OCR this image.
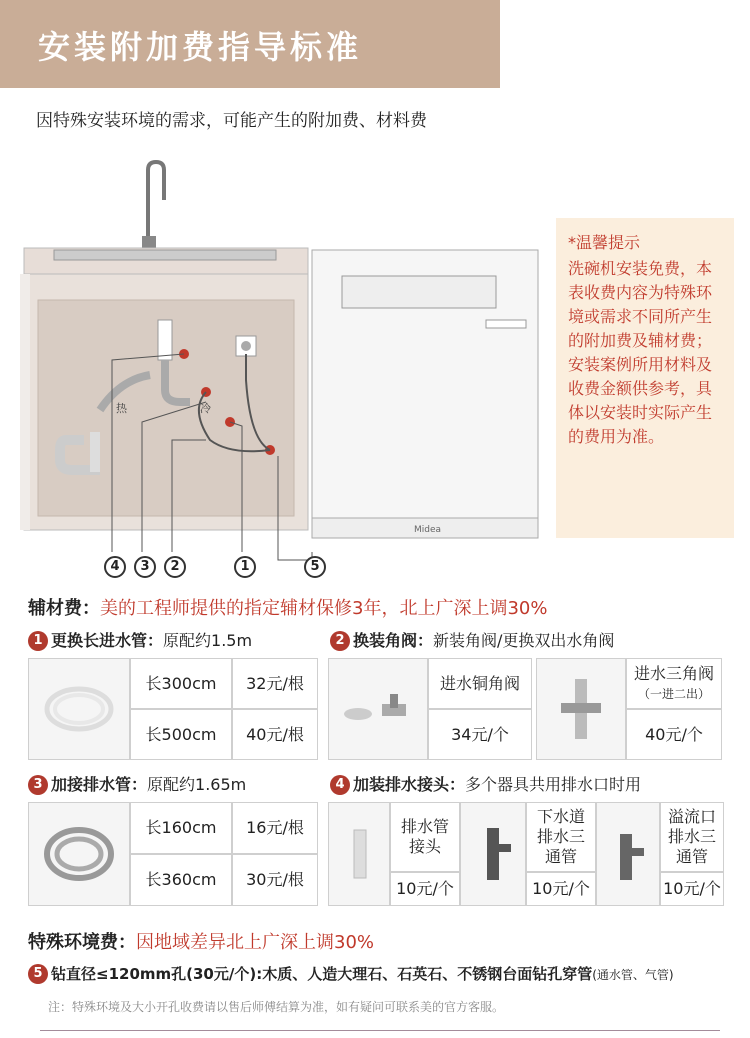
安装附加费指导标准
因特殊安装环境的需求，可能产生的附加费、材料费
Midea
热	冷
4	3	2	1	5
*温馨提示
洗碗机安装免费，本表收费内容为特殊环境或需求不同所产生的附加费及辅材费；安装案例所用材料及收费金额供参考，具体以安装时实际产生的费用为准。
辅材费：美的工程师提供的指定辅材保修3年，北上广深上调30%
1 更换长进水管：原配约1.5m	2 换装角阀：新装角阀/更换双出水角阀
长300cm	32元/根
长500cm	40元/根
进水铜角阀
34元/个
进水三角阀
（一进二出）
40元/个
3 加接排水管：原配约1.65m	4 加装排水接头：多个器具共用排水口时用
长160cm	16元/根
长360cm	30元/根
排水管接头
10元/个
下水道排水三通管
10元/个
溢流口排水三通管
10元/个
特殊环境费：因地域差异北上广深上调30%
5 钻直径≤120mm孔(30元/个):木质、人造大理石、石英石、不锈钢台面钻孔穿管(通水管、气管)
注：特殊环境及大小开孔收费请以售后师傅结算为准，如有疑问可联系美的官方客服。
